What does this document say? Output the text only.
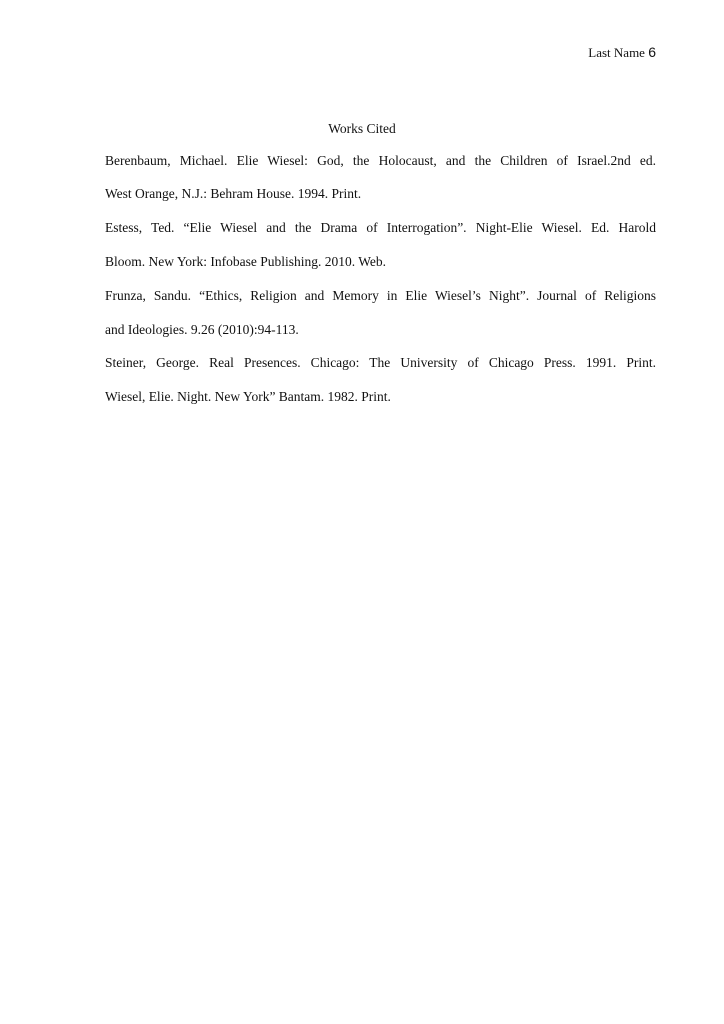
Last Name 6
Works Cited
Berenbaum, Michael. Elie Wiesel: God, the Holocaust, and the Children of Israel.2nd ed.
West Orange, N.J.: Behram House. 1994. Print.
Estess, Ted. “Elie Wiesel and the Drama of Interrogation”. Night-Elie Wiesel. Ed. Harold
Bloom. New York: Infobase Publishing. 2010. Web.
Frunza, Sandu. “Ethics, Religion and Memory in Elie Wiesel’s Night”. Journal of Religions
and Ideologies. 9.26 (2010):94-113.
Steiner, George. Real Presences. Chicago: The University of Chicago Press. 1991. Print.
Wiesel, Elie. Night. New York” Bantam. 1982. Print.
